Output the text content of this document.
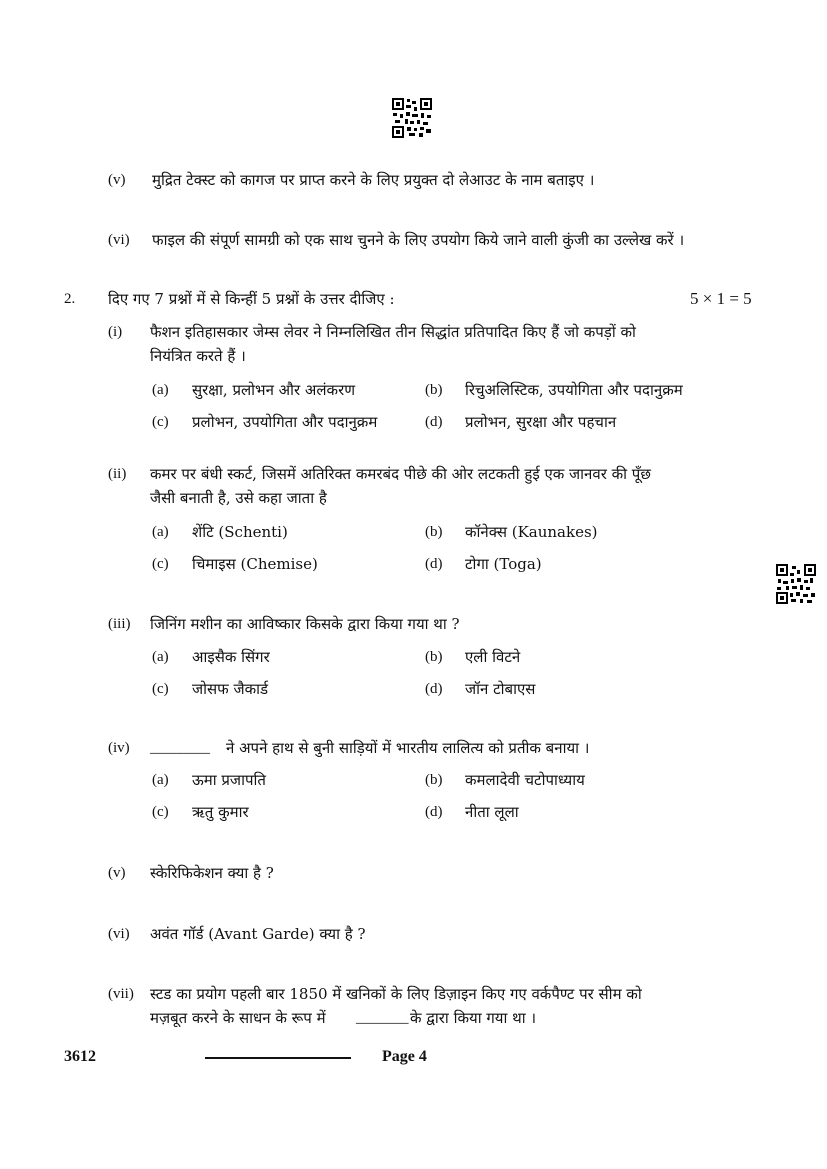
(v) मुद्रित टेक्स्ट को कागज पर प्राप्त करने के लिए प्रयुक्त दो लेआउट के नाम बताइए ।
(vi) फाइल की संपूर्ण सामग्री को एक साथ चुनने के लिए उपयोग किये जाने वाली कुंजी का उल्लेख करें ।
2. दिए गए 7 प्रश्नों में से किन्हीं 5 प्रश्नों के उत्तर दीजिए :	5 × 1 = 5
(i) फैशन इतिहासकार जेम्स लेवर ने निम्नलिखित तीन सिद्धांत प्रतिपादित किए हैं जो कपड़ों को
नियंत्रित करते हैं ।
(a) सुरक्षा, प्रलोभन और अलंकरण	(b) रिचुअलिस्टिक, उपयोगिता और पदानुक्रम
(c) प्रलोभन, उपयोगिता और पदानुक्रम	(d) प्रलोभन, सुरक्षा और पहचान
(ii) कमर पर बंधी स्कर्ट, जिसमें अतिरिक्त कमरबंद पीछे की ओर लटकती हुई एक जानवर की पूँछ
जैसी बनाती है, उसे कहा जाता है
(a) शेंटि (Schenti)	(b) कॉनेक्स (Kaunakes)
(c) चिमाइस (Chemise)	(d) टोगा (Toga)
(iii) जिनिंग मशीन का आविष्कार किसके द्वारा किया गया था ?
(a) आइसैक सिंगर	(b) एली विटने
(c) जोसफ जैकार्ड	(d) जॉन टोबाएस
(iv) ________ ने अपने हाथ से बुनी साड़ियों में भारतीय लालित्य को प्रतीक बनाया ।
(a) ऊमा प्रजापति	(b) कमलादेवी चटोपाध्याय
(c) ऋतु कुमार	(d) नीता लूला
(v) स्केरिफिकेशन क्या है ?
(vi) अवंत गॉर्ड (Avant Garde) क्या है ?
(vii) स्टड का प्रयोग पहली बार 1850 में खनिकों के लिए डिज़ाइन किए गए वर्कपैण्ट पर सीम को
मज़बूत करने के साधन के रूप में _______ के द्वारा किया गया था ।
3612	Page 4
